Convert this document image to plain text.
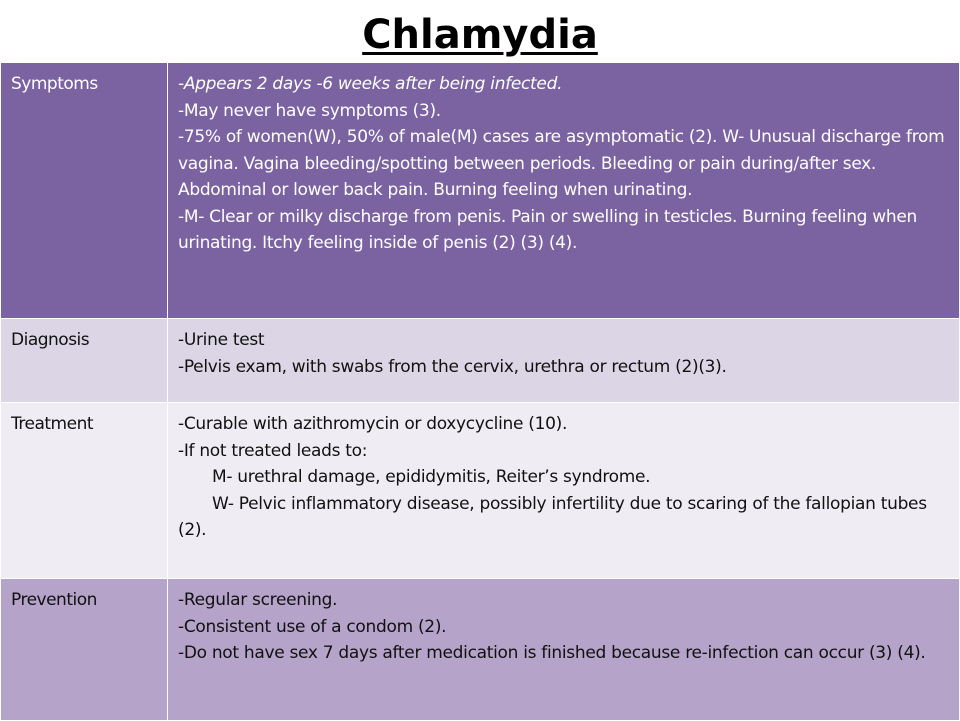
Chlamydia
Symptoms	-Appears 2 days -6 weeks after being infected.
-May never have symptoms (3).
-75% of women(W), 50% of male(M) cases are asymptomatic (2). W- Unusual discharge from vagina. Vagina bleeding/spotting between periods. Bleeding or pain during/after sex. Abdominal or lower back pain. Burning feeling when urinating.
-M- Clear or milky discharge from penis. Pain or swelling in testicles. Burning feeling when urinating. Itchy feeling inside of penis (2) (3) (4).

Diagnosis	-Urine test
-Pelvis exam, with swabs from the cervix, urethra or rectum (2)(3).

Treatment	-Curable with azithromycin or doxycycline (10).
-If not treated leads to:
M- urethral damage, epididymitis, Reiter’s syndrome.
W- Pelvic inflammatory disease, possibly infertility due to scaring of the fallopian tubes (2).

Prevention	-Regular screening.
-Consistent use of a condom (2).
-Do not have sex 7 days after medication is finished because re-infection can occur (3) (4).
